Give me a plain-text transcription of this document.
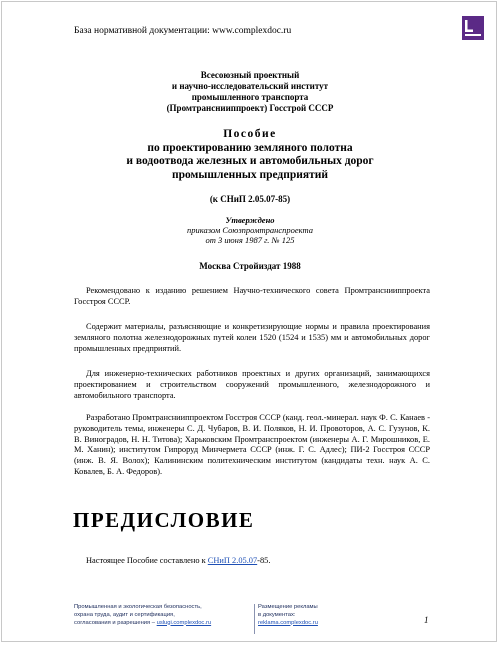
База нормативной документации: www.complexdoc.ru
Всесоюзный проектный
и научно-исследовательский институт
промышленного транспорта
(Промтранснииппроект) Госстрой СССР
Пособие
по проектированию земляного полотна
и водоотвода железных и автомобильных дорог
промышленных предприятий
(к СНиП 2.05.07-85)
Утверждено
приказом Союзпромтранспроекта
от 3 июня 1987 г. № 125
Москва Стройиздат 1988

Рекомендовано к изданию решением Научно-технического совета Промтранснииппроекта Госстроя СССР.

Содержит материалы, разъясняющие и конкретизирующие нормы и правила проектирования земляного полотна железнодорожных путей колеи 1520 (1524 и 1535) мм и автомобильных дорог промышленных предприятий.

Для инженерно-технических работников проектных и других организаций, занимающихся проектированием и строительством сооружений промышленного, железнодорожного и автомобильного транспорта.

Разработано Промтранснииппроектом Госстроя СССР (канд. геол.-минерал. наук Ф. С. Канаев - руководитель темы, инженеры С. Д. Чубаров, В. И. Поляков, Н. И. Провоторов, А. С. Гузунов, К. В. Виноградов, Н. Н. Титова); Харьковским Промтранспроектом (инженеры А. Г. Мирошников, Е. М. Ханин); институтом Гипроруд Минчермета СССР (инж. Г. С. Адлес); ПИ-2 Госстроя СССР (инж. В. Я. Волох); Калининским политехническим институтом (кандидаты техн. наук А. С. Ковалев, Б. А. Федоров).

ПРЕДИСЛОВИЕ
Настоящее Пособие составлено к СНиП 2.05.07-85.
Промышленная и экологическая безопасность,
охрана труда, аудит и сертификация,
согласования и разрешения – uslugi.complexdoc.ru
Размещение рекламы
в документах:
reklama.complexdoc.ru	1
